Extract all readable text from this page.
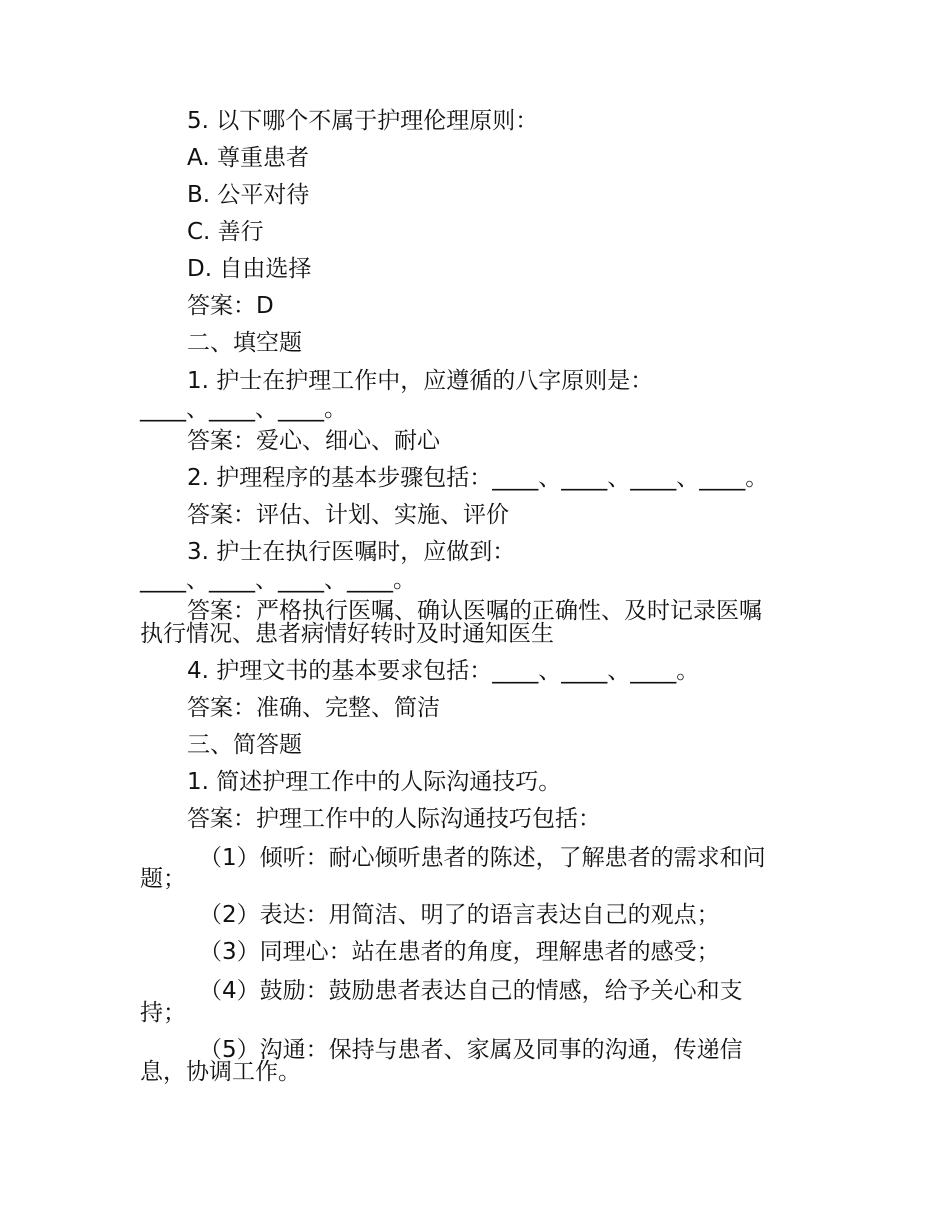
5. 以下哪个不属于护理伦理原则：

A. 尊重患者

B. 公平对待

C. 善行

D. 自由选择

答案：D

二、填空题

1. 护士在护理工作中，应遵循的八字原则是：

____、____、____。

答案：爱心、细心、耐心

2. 护理程序的基本步骤包括：____、____、____、____。

答案：评估、计划、实施、评价

3. 护士在执行医嘱时，应做到：

____、____、____、____。

答案：严格执行医嘱、确认医嘱的正确性、及时记录医嘱

执行情况、患者病情好转时及时通知医生

4. 护理文书的基本要求包括：____、____、____。

答案：准确、完整、简洁

三、简答题

1. 简述护理工作中的人际沟通技巧。

答案：护理工作中的人际沟通技巧包括：

（1）倾听：耐心倾听患者的陈述，了解患者的需求和问

题；

（2）表达：用简洁、明了的语言表达自己的观点；

（3）同理心：站在患者的角度，理解患者的感受；

（4）鼓励：鼓励患者表达自己的情感，给予关心和支

持；

（5）沟通：保持与患者、家属及同事的沟通，传递信

息，协调工作。
